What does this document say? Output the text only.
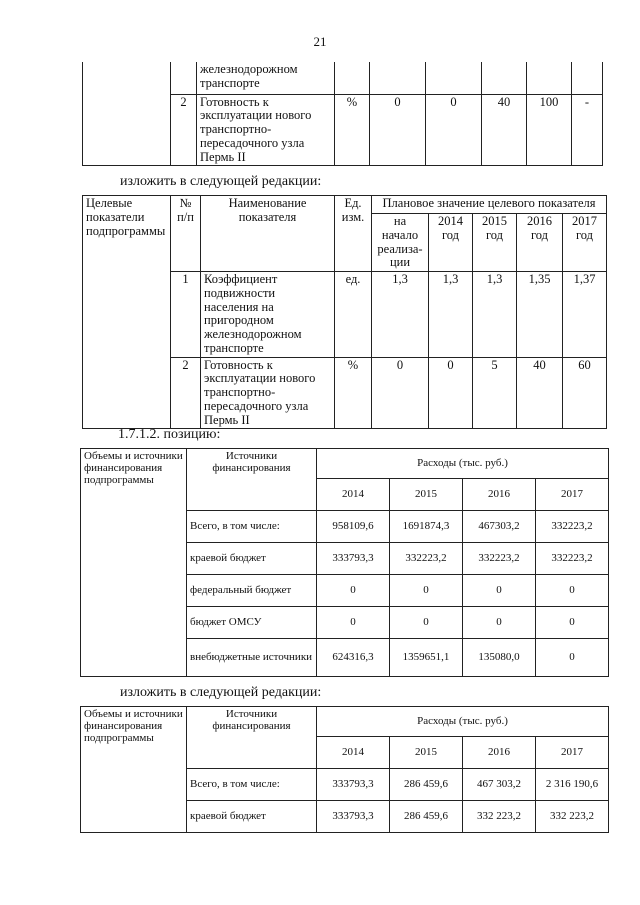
21
		железнодорожном транспорте						
	2	Готовность к эксплуатации нового транспортно-пересадочного узла Пермь II	%	0	0	40	100	-
изложить в следующей редакции:
Целевые показатели подпрограммы	№ п/п	Наименование показателя	Ед. изм.	Плановое значение целевого показателя				
				на начало реализа-ции	2014 год	2015 год	2016 год	2017 год
	1	Коэффициент подвижности населения на пригородном железнодорожном транспорте	ед.	1,3	1,3	1,3	1,35	1,37
	2	Готовность к эксплуатации нового транспортно-пересадочного узла Пермь II	%	0	0	5	40	60
1.7.1.2. позицию:
Объемы и источники финансирования подпрограммы	Источники финансирования	Расходы (тыс. руб.)			
		2014	2015	2016	2017
	Всего, в том числе:	958109,6	1691874,3	467303,2	332223,2
	краевой бюджет	333793,3	332223,2	332223,2	332223,2
	федеральный бюджет	0	0	0	0
	бюджет ОМСУ	0	0	0	0
	внебюджетные источники	624316,3	1359651,1	135080,0	0
изложить в следующей редакции:
Объемы и источники финансирования подпрограммы	Источники финансирования	Расходы (тыс. руб.)			
		2014	2015	2016	2017
	Всего, в том числе:	333793,3	286 459,6	467 303,2	2 316 190,6
	краевой бюджет	333793,3	286 459,6	332 223,2	332 223,2
